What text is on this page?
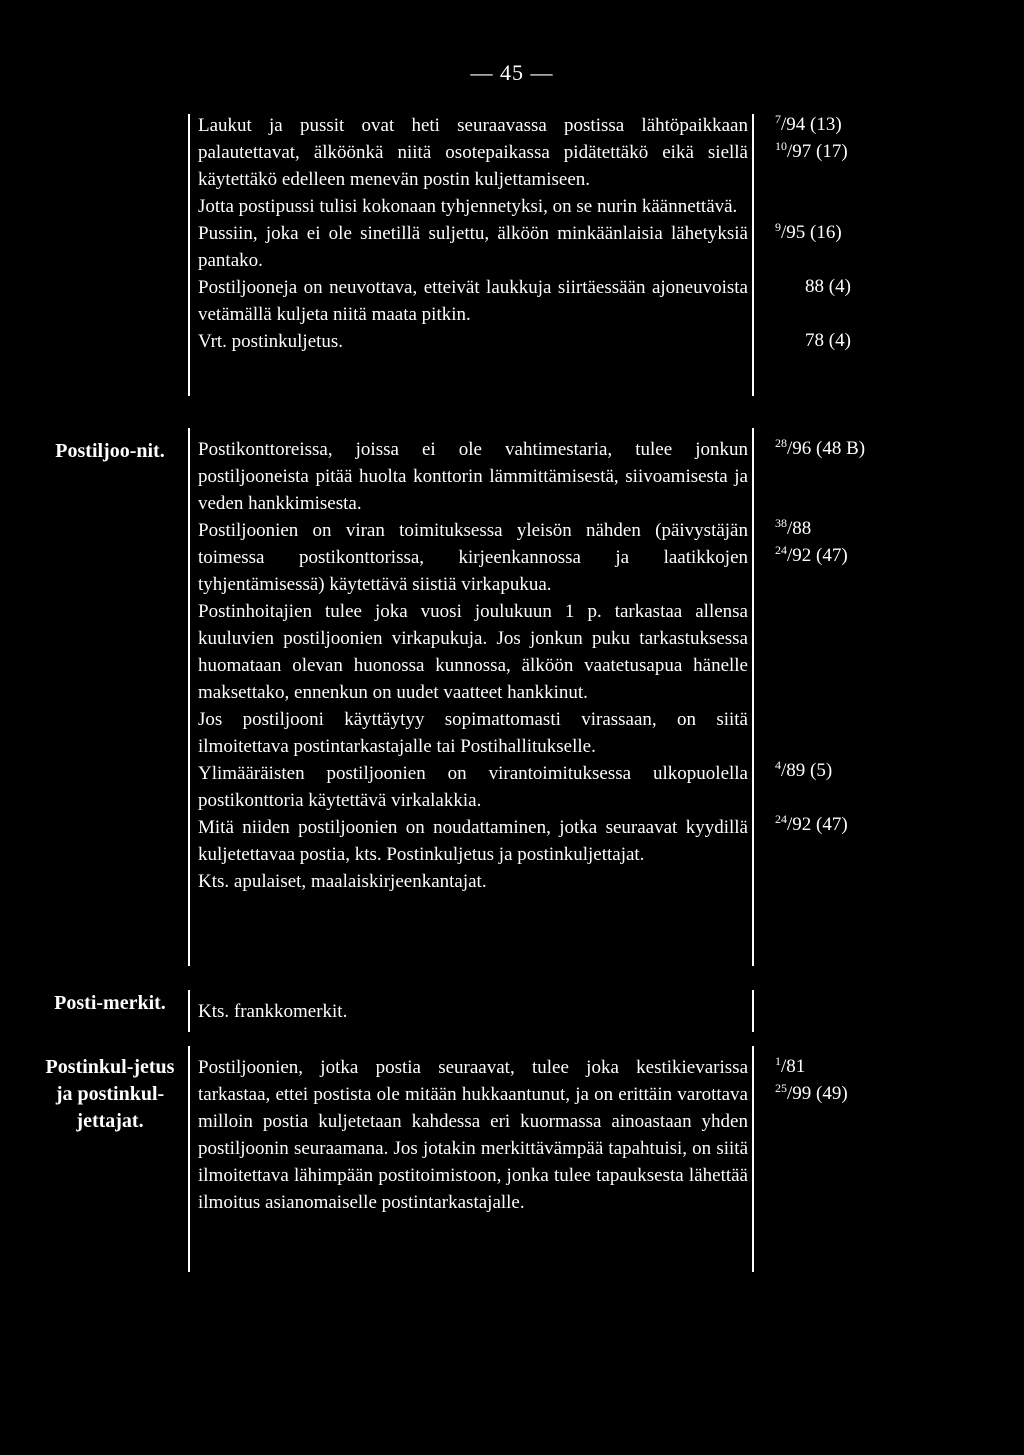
— 45 —

Laukut ja pussit ovat heti seuraavassa postissa lähtöpaikkaan palautettavat, älköönkä niitä osotepaikassa pidätettäkö eikä siellä käytettäkö edelleen menevän postin kuljettamiseen.

Jotta postipussi tulisi kokonaan tyhjennetyksi, on se nurin käännettävä.

Pussiin, joka ei ole sinetillä suljettu, älköön minkäänlaisia lähetyksiä pantako.

Postiljooneja on neuvottava, etteivät laukkuja siirtäessään ajoneuvoista vetämällä kuljeta niitä maata pitkin.

Vrt. postinkuljetus.

$^7$/94 (13)
$^{10}$/97 (17)
$^9$/95 (16)
88 (4)
78 (4)
Postiljoo-nit.	Postikonttoreissa, joissa ei ole vahtimestaria, tulee jonkun postiljooneista pitää huolta konttorin lämmittämisestä, siivoamisesta ja veden hankkimisesta.

Postiljoonien on viran toimituksessa yleisön nähden (päivystäjän toimessa postikonttorissa, kirjeenkannossa ja laatikkojen tyhjentämisessä) käytettävä siistiä virkapukua.

Postinhoitajien tulee joka vuosi joulukuun 1 p. tarkastaa allensa kuuluvien postiljoonien virkapukuja. Jos jonkun puku tarkastuksessa huomataan olevan huonossa kunnossa, älköön vaatetusapua hänelle maksettako, ennenkun on uudet vaatteet hankkinut.

Jos postiljooni käyttäytyy sopimattomasti virassaan, on siitä ilmoitettava postintarkastajalle tai Postihallitukselle.

Ylimääräisten postiljoonien on virantoimituksessa ulkopuolella postikonttoria käytettävä virkalakkia.

Mitä niiden postiljoonien on noudattaminen, jotka seuraavat kyydillä kuljetettavaa postia, kts. Postinkuljetus ja postinkuljettajat.

Kts. apulaiset, maalaiskirjeenkantajat.

$^{28}$/96 (48 B)
$^{38}$/88
$^{24}$/92 (47)
$^4$/89 (5)
$^{24}$/92 (47)
Posti-merkit.	Kts. frankkomerkit.

Postinkul-jetus ja postinkul-jettajat.

Postiljoonien, jotka postia seuraavat, tulee joka kestikievarissa tarkastaa, ettei postista ole mitään hukkaantunut, ja on erittäin varottava milloin postia kuljetetaan kahdessa eri kuormassa ainoastaan yhden postiljoonin seuraamana. Jos jotakin merkittävämpää tapahtuisi, on siitä ilmoitettava lähimpään postitoimistoon, jonka tulee tapauksesta lähettää ilmoitus asianomaiselle postintarkastajalle.

$^1$/81
$^{25}$/99 (49)
